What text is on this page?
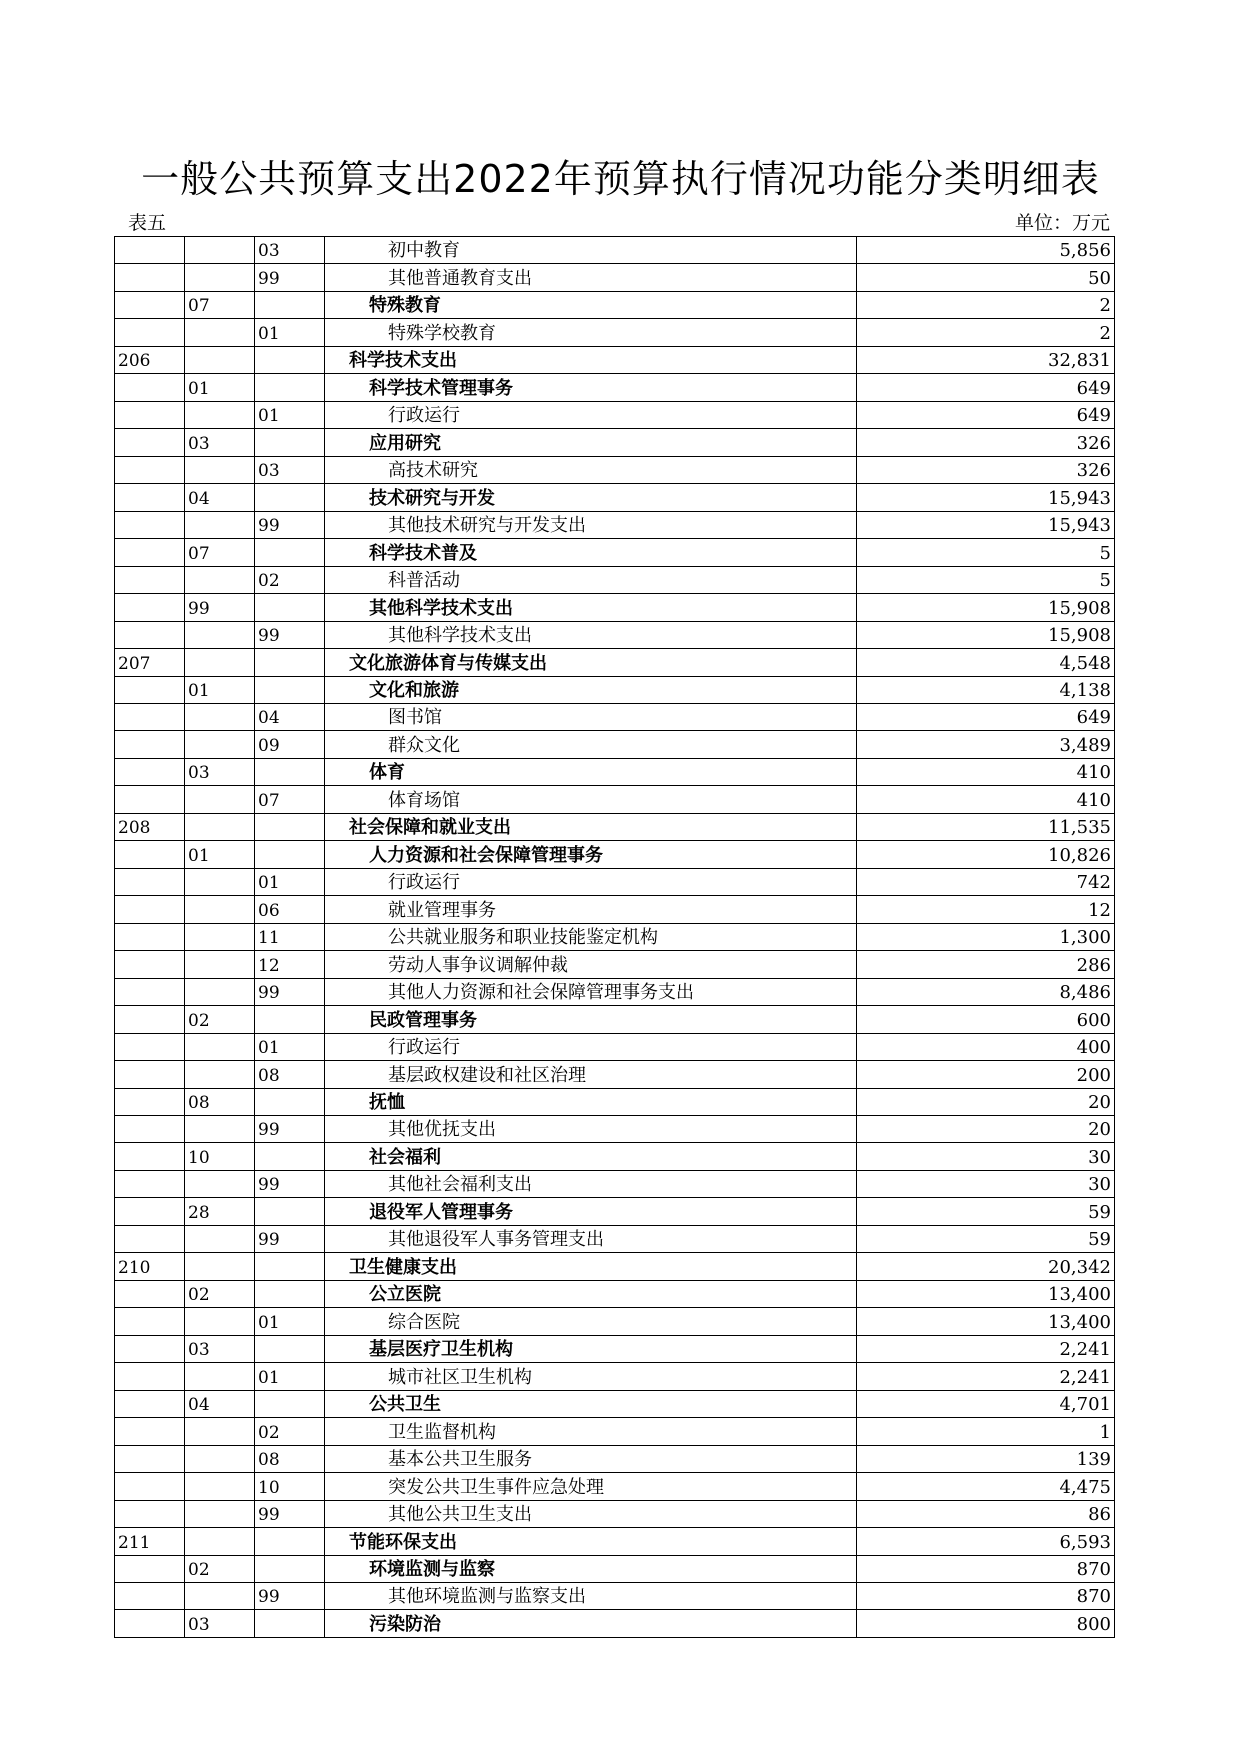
一般公共预算支出2022年预算执行情况功能分类明细表
表五	单位：万元
		03	初中教育	5,856
		99	其他普通教育支出	50
	07		特殊教育	2
		01	特殊学校教育	2
206			科学技术支出	32,831
	01		科学技术管理事务	649
		01	行政运行	649
	03		应用研究	326
		03	高技术研究	326
	04		技术研究与开发	15,943
		99	其他技术研究与开发支出	15,943
	07		科学技术普及	5
		02	科普活动	5
	99		其他科学技术支出	15,908
		99	其他科学技术支出	15,908
207			文化旅游体育与传媒支出	4,548
	01		文化和旅游	4,138
		04	图书馆	649
		09	群众文化	3,489
	03		体育	410
		07	体育场馆	410
208			社会保障和就业支出	11,535
	01		人力资源和社会保障管理事务	10,826
		01	行政运行	742
		06	就业管理事务	12
		11	公共就业服务和职业技能鉴定机构	1,300
		12	劳动人事争议调解仲裁	286
		99	其他人力资源和社会保障管理事务支出	8,486
	02		民政管理事务	600
		01	行政运行	400
		08	基层政权建设和社区治理	200
	08		抚恤	20
		99	其他优抚支出	20
	10		社会福利	30
		99	其他社会福利支出	30
	28		退役军人管理事务	59
		99	其他退役军人事务管理支出	59
210			卫生健康支出	20,342
	02		公立医院	13,400
		01	综合医院	13,400
	03		基层医疗卫生机构	2,241
		01	城市社区卫生机构	2,241
	04		公共卫生	4,701
		02	卫生监督机构	1
		08	基本公共卫生服务	139
		10	突发公共卫生事件应急处理	4,475
		99	其他公共卫生支出	86
211			节能环保支出	6,593
	02		环境监测与监察	870
		99	其他环境监测与监察支出	870
	03		污染防治	800
